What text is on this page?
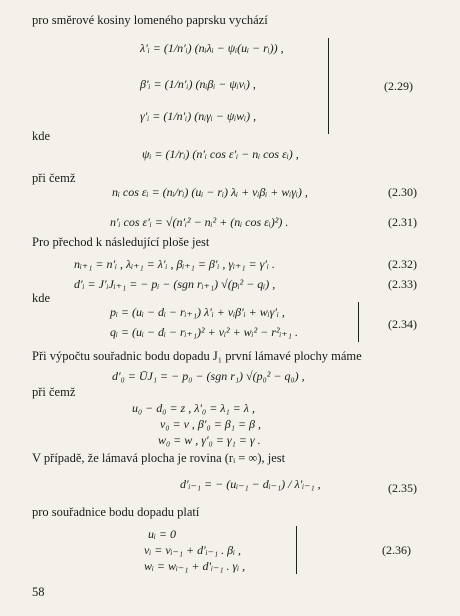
pro směrové kosiny lomeného paprsku vychází
λ′ᵢ = (1/n′ᵢ) (nᵢλᵢ − ψᵢ(uᵢ − rᵢ)) ,
β′ᵢ = (1/n′ᵢ) (nᵢβᵢ − ψᵢvᵢ) ,
γ′ᵢ = (1/n′ᵢ) (nᵢγᵢ − ψᵢwᵢ) ,
(2.29)
kde
ψᵢ = (1/rᵢ) (n′ᵢ cos ε′ᵢ − nᵢ cos εᵢ) ,
při čemž
nᵢ cos εᵢ = (nᵢ/rᵢ) (uᵢ − rᵢ) λᵢ + vᵢβᵢ + wᵢγᵢ) ,	(2.30)
n′ᵢ cos ε′ᵢ = √(n′ᵢ² − nᵢ² + (nᵢ cos εᵢ)²) .	(2.31)
Pro přechod k následující ploše jest
nᵢ₊₁ = n′ᵢ , λᵢ₊₁ = λ′ᵢ , βᵢ₊₁ = β′ᵢ , γᵢ₊₁ = γ′ᵢ .	(2.32)
d′ᵢ = J′ᵢJᵢ₊₁ = − pᵢ − (sgn rᵢ₊₁) √(pᵢ² − qᵢ) ,	(2.33)
kde
pᵢ = (uᵢ − dᵢ − rᵢ₊₁) λ′ᵢ + vᵢβ′ᵢ + wᵢγ′ᵢ ,
qᵢ = (uᵢ − dᵢ − rᵢ₊₁)² + vᵢ² + wᵢ² − r²ᵢ₊₁ .
(2.34)
Při výpočtu souřadnic bodu dopadu J₁ první lámavé plochy máme
d′₀ = ŪJ₁ = − p₀ − (sgn r₁) √(p₀² − q₀) ,
při čemž
u₀ − d₀ = z , λ′₀ = λ₁ = λ ,
v₀ = v , β′₀ = β₁ = β ,
w₀ = w , γ′₀ = γ₁ = γ .
V případě, že lámavá plocha je rovina (rᵢ = ∞), jest
d′ᵢ₋₁ = − (uᵢ₋₁ − dᵢ₋₁) / λ′ᵢ₋₁ ,	(2.35)
pro souřadnice bodu dopadu platí
uᵢ = 0
vᵢ = vᵢ₋₁ + d′ᵢ₋₁ . βᵢ ,
wᵢ = wᵢ₋₁ + d′ᵢ₋₁ . γᵢ ,
(2.36)
58
